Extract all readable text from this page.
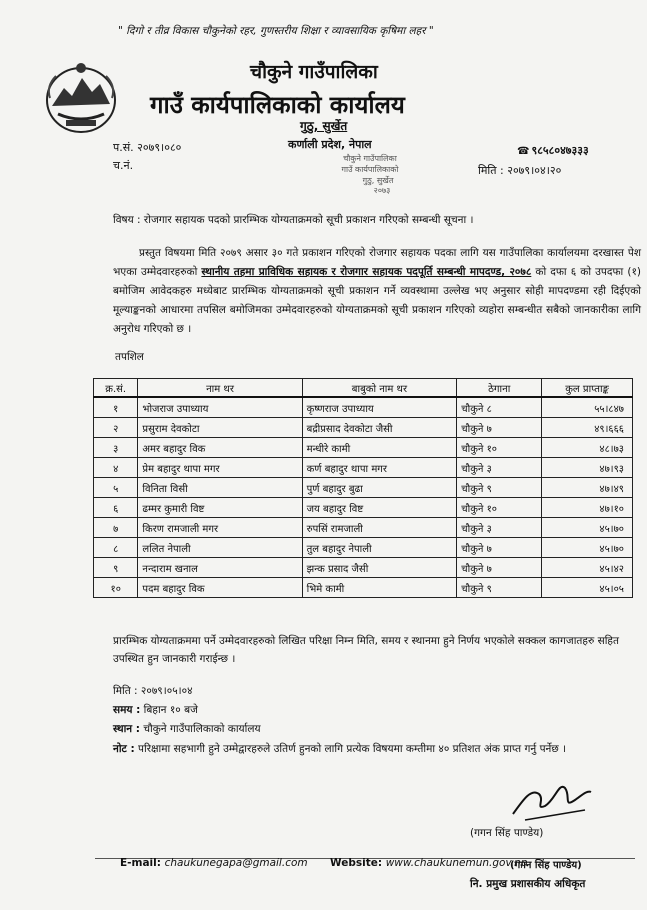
" दिगो र तीव्र विकास चौकुनेको रहर, गुणस्तरीय शिक्षा र व्यावसायिक कृषिमा लहर "
चौकुने गाउँपालिका
गाउँ कार्यपालिकाको कार्यालय
गुठु, सुर्खेत
कर्णाली प्रदेश, नेपाल
प.सं. २०७९।०८०
च.नं.
☎ ९८५८०४७३३३
मिति : २०७९।०४।२०
चौकुने गाउँपालिका
गाउँ कार्यपालिकाको
गुठु, सुर्खेत
२०७३
विषय : रोजगार सहायक पदको प्रारम्भिक योग्यताक्रमको सूची प्रकाशन गरिएको सम्बन्धी सूचना ।
प्रस्तुत विषयमा मिति २०७९ असार ३० गते प्रकाशन गरिएको रोजगार सहायक पदका लागि यस गाउँपालिका कार्यालयमा दरखास्त पेश भएका उम्मेदवारहरुको स्थानीय तहमा प्राविधिक सहायक र रोजगार सहायक पदपूर्ति सम्बन्धी मापदण्ड, २०७८ को दफा ६ को उपदफा (१) बमोजिम आवेदकहरु मध्येबाट प्रारम्भिक योग्यताक्रमको सूची प्रकाशन गर्ने व्यवस्थामा उल्लेख भए अनुसार सोही मापदण्डमा रही दिईएको मूल्याङ्कनको आधारमा तपसिल बमोजिमका उम्मेदवारहरुको योग्यताक्रमको सूची प्रकाशन गरिएको व्यहोरा सम्बन्धीत सबैको जानकारीका लागि अनुरोध गरिएको छ ।
तपशिल
क्र.सं.	नाम थर	बाबुको नाम थर	ठेगाना	कुल प्राप्ताङ्क
१	भोजराज उपाध्याय	कृष्णराज उपाध्याय	चौकुने ८	५५।८४७
२	प्रसुराम देवकोटा	बद्रीप्रसाद देवकोटा जैसी	चौकुने ७	४९।६६६
३	अमर बहादुर विक	मन्धीरे कामी	चौकुने १०	४८।७३
४	प्रेम बहादुर थापा मगर	कर्ण बहादुर थापा मगर	चौकुने ३	४७।९३
५	विनिता विसी	पुर्ण बहादुर बुढा	चौकुने ९	४७।४९
६	ढम्मर कुमारी विष्ट	जय बहादुर विष्ट	चौकुने १०	४७।१०
७	किरण रामजाली मगर	रुपसिं रामजाली	चौकुने ३	४५।७०
८	ललित नेपाली	तुल बहादुर नेपाली	चौकुने ७	४५।७०
९	नन्दाराम खनाल	झन्क प्रसाद जैसी	चौकुने ७	४५।४२
१०	पदम बहादुर विक	भिमे कामी	चौकुने ९	४५।०५
प्रारम्भिक योग्यताक्रममा पर्ने उम्मेदवारहरुको लिखित परिक्षा निम्न मिति, समय र स्थानमा हुने निर्णय भएकोले सक्कल कागजातहरु सहित उपस्थित हुन जानकारी गराईन्छ ।
मिति : २०७९।०५।०४
समय : बिहान १० बजे
स्थान : चौकुने गाउँपालिकाको कार्यालय
नोट : परिक्षामा सहभागी हुने उम्मेद्वारहरुले उतिर्ण हुनको लागि प्रत्येक विषयमा कम्तीमा ४० प्रतिशत अंक प्राप्त गर्नु पर्नेछ ।
(गगन सिंह पाण्डेय)
E-mail: chaukunegapa@gmail.com Website: www.chaukunemun.gov.np
(गगन सिंह पाण्डेय)
नि. प्रमुख प्रशासकीय अधिकृत
